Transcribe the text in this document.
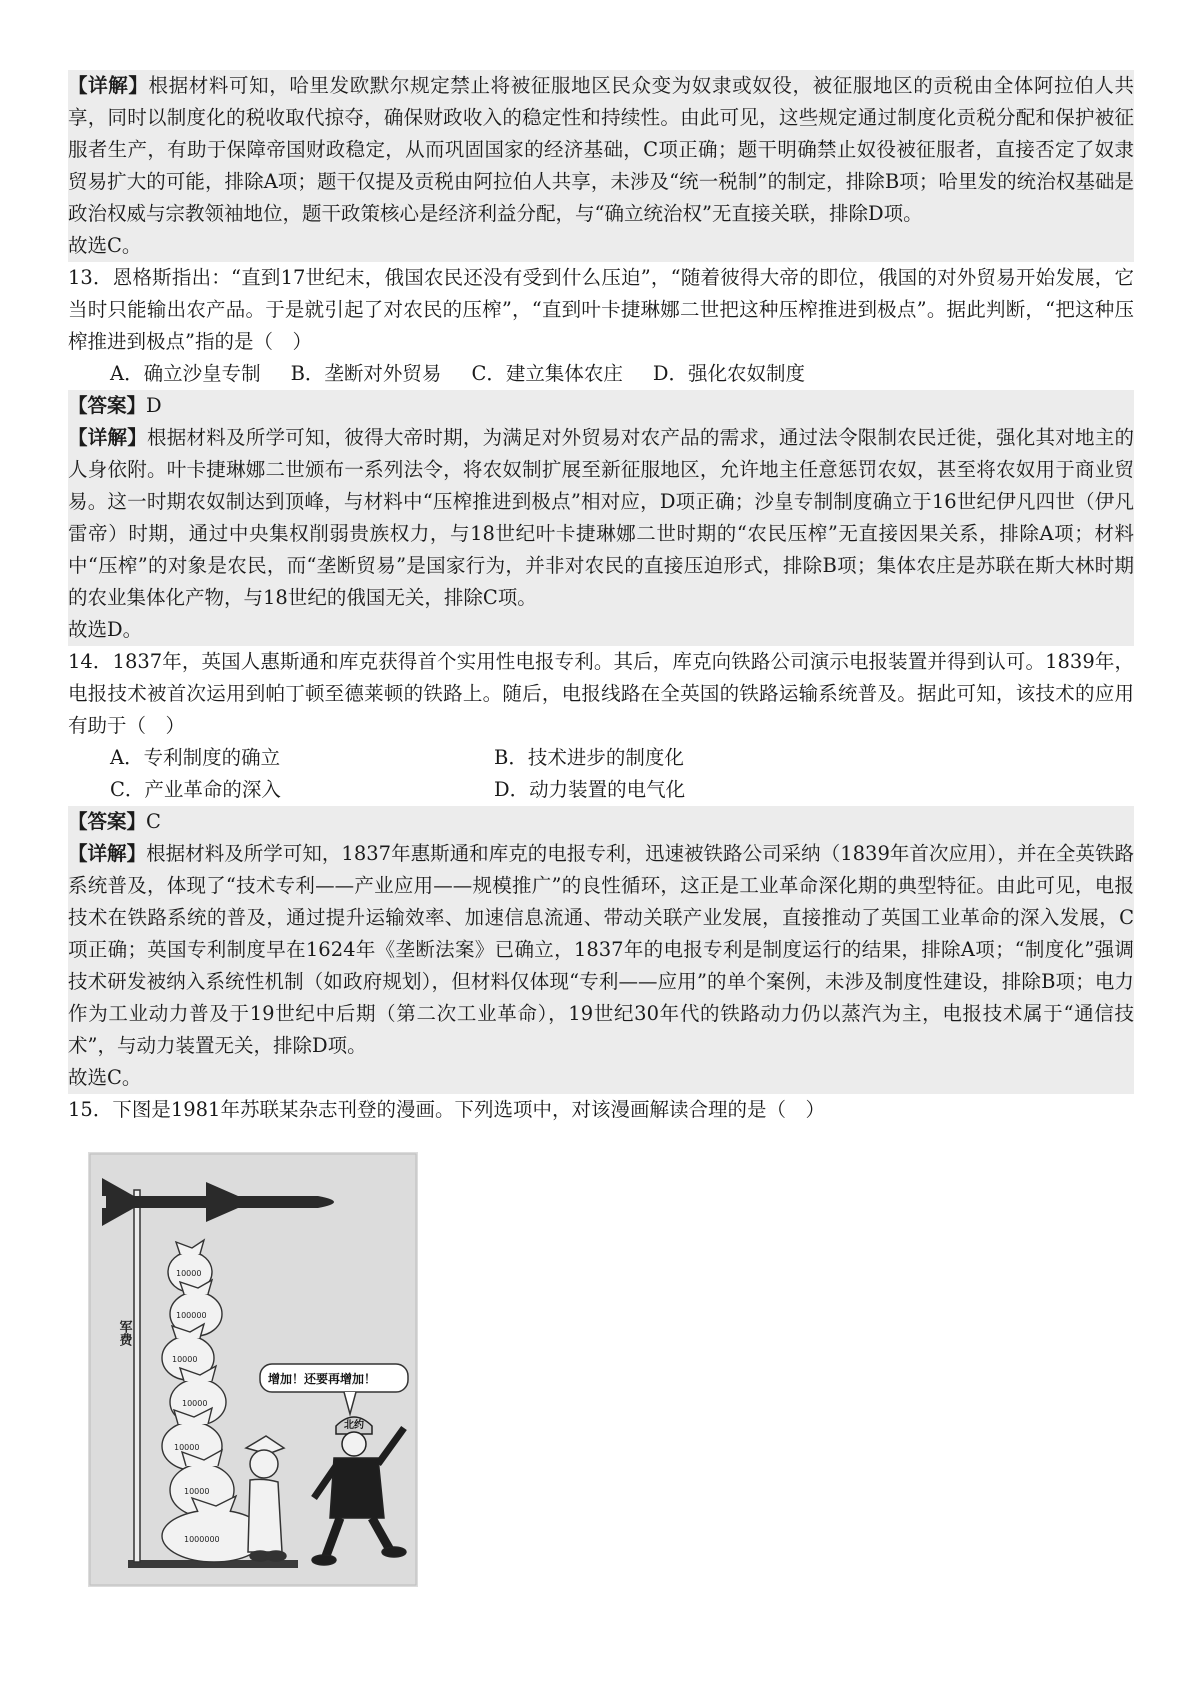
【详解】根据材料可知，哈里发欧默尔规定禁止将被征服地区民众变为奴隶或奴役，被征服地区的贡税由全体阿拉伯人共享，同时以制度化的税收取代掠夺，确保财政收入的稳定性和持续性。由此可见，这些规定通过制度化贡税分配和保护被征服者生产，有助于保障帝国财政稳定，从而巩固国家的经济基础，C项正确；题干明确禁止奴役被征服者，直接否定了奴隶贸易扩大的可能，排除A项；题干仅提及贡税由阿拉伯人共享，未涉及“统一税制”的制定，排除B项；哈里发的统治权基础是政治权威与宗教领袖地位，题干政策核心是经济利益分配，与“确立统治权”无直接关联，排除D项。

故选C。

13．恩格斯指出：“直到17世纪末，俄国农民还没有受到什么压迫”，“随着彼得大帝的即位，俄国的对外贸易开始发展，它当时只能输出农产品。于是就引起了对农民的压榨”，“直到叶卡捷琳娜二世把这种压榨推进到极点”。据此判断，“把这种压榨推进到极点”指的是（　）

A．确立沙皇专制 B．垄断对外贸易 C．建立集体农庄 D．强化农奴制度

【答案】D

【详解】根据材料及所学可知，彼得大帝时期，为满足对外贸易对农产品的需求，通过法令限制农民迁徙，强化其对地主的人身依附。叶卡捷琳娜二世颁布一系列法令，将农奴制扩展至新征服地区，允许地主任意惩罚农奴，甚至将农奴用于商业贸易。这一时期农奴制达到顶峰，与材料中“压榨推进到极点”相对应，D项正确；沙皇专制制度确立于16世纪伊凡四世（伊凡雷帝）时期，通过中央集权削弱贵族权力，与18世纪叶卡捷琳娜二世时期的“农民压榨”无直接因果关系，排除A项；材料中“压榨”的对象是农民，而“垄断贸易”是国家行为，并非对农民的直接压迫形式，排除B项；集体农庄是苏联在斯大林时期的农业集体化产物，与18世纪的俄国无关，排除C项。

故选D。

14．1837年，英国人惠斯通和库克获得首个实用性电报专利。其后，库克向铁路公司演示电报装置并得到认可。1839年，电报技术被首次运用到帕丁顿至德莱顿的铁路上。随后，电报线路在全英国的铁路运输系统普及。据此可知，该技术的应用有助于（　）

A．专利制度的确立	B．技术进步的制度化
C．产业革命的深入	D．动力装置的电气化

【答案】C

【详解】根据材料及所学可知，1837年惠斯通和库克的电报专利，迅速被铁路公司采纳（1839年首次应用），并在全英铁路系统普及，体现了“技术专利——产业应用——规模推广”的良性循环，这正是工业革命深化期的典型特征。由此可见，电报技术在铁路系统的普及，通过提升运输效率、加速信息流通、带动关联产业发展，直接推动了英国工业革命的深入发展，C项正确；英国专利制度早在1624年《垄断法案》已确立，1837年的电报专利是制度运行的结果，排除A项；“制度化”强调技术研发被纳入系统性机制（如政府规划），但材料仅体现“专利——应用”的单个案例，未涉及制度性建设，排除B项；电力作为工业动力普及于19世纪中后期（第二次工业革命），19世纪30年代的铁路动力仍以蒸汽为主，电报技术属于“通信技术”，与动力装置无关，排除D项。

故选C。

15．下图是1981年苏联某杂志刊登的漫画。下列选项中，对该漫画解读合理的是（　）

军费
10000
100000
10000
10000
10000
10000
1000000
北约
增加！还要再增加！
